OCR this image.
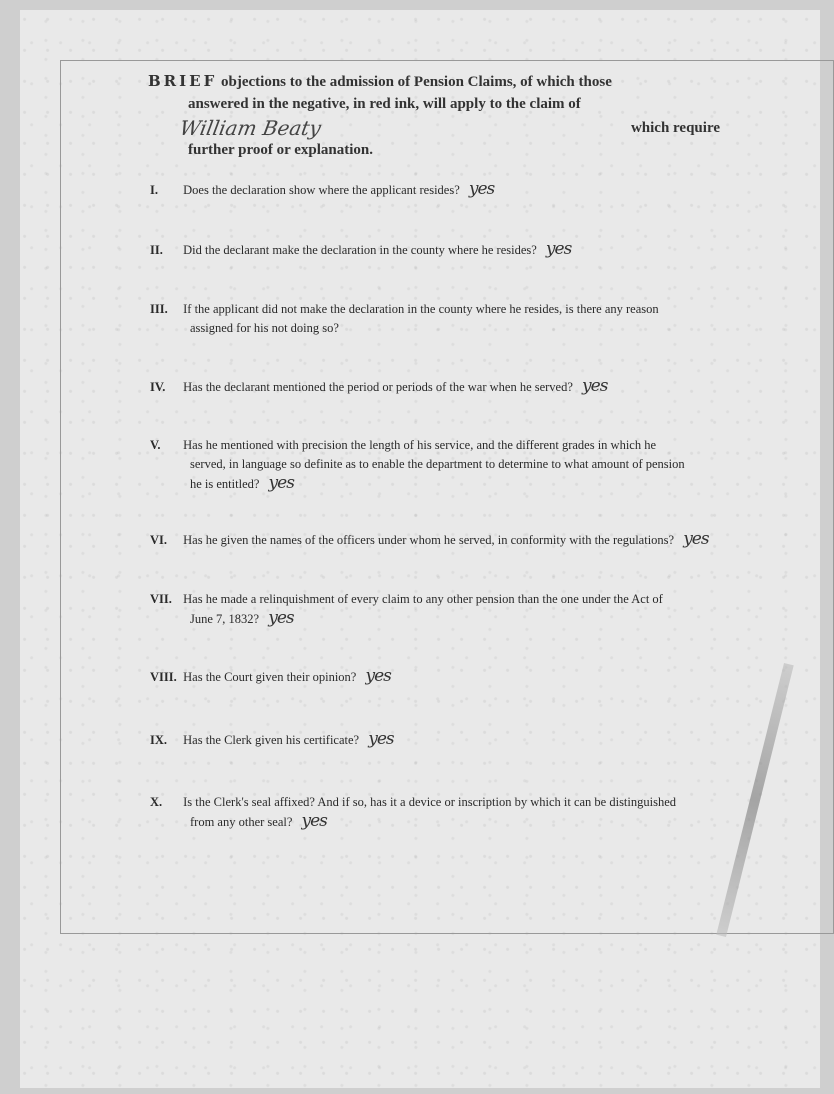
BRIEF objections to the admission of Pension Claims, of which those
answered in the negative, in red ink, will apply to the claim of
William Beaty	which require
further proof or explanation.
I. Does the declaration show where the applicant resides? yes
II. Did the declarant make the declaration in the county where he resides? yes
III. If the applicant did not make the declaration in the county where he resides, is there any reason
assigned for his not doing so?
IV. Has the declarant mentioned the period or periods of the war when he served? yes
V. Has he mentioned with precision the length of his service, and the different grades in which he
served, in language so definite as to enable the department to determine to what amount of pension
he is entitled? yes
VI. Has he given the names of the officers under whom he served, in conformity with the regulations? yes
VII. Has he made a relinquishment of every claim to any other pension than the one under the Act of
June 7, 1832? yes
VIII. Has the Court given their opinion? yes
IX. Has the Clerk given his certificate? yes
X. Is the Clerk's seal affixed? And if so, has it a device or inscription by which it can be distinguished
from any other seal? yes
